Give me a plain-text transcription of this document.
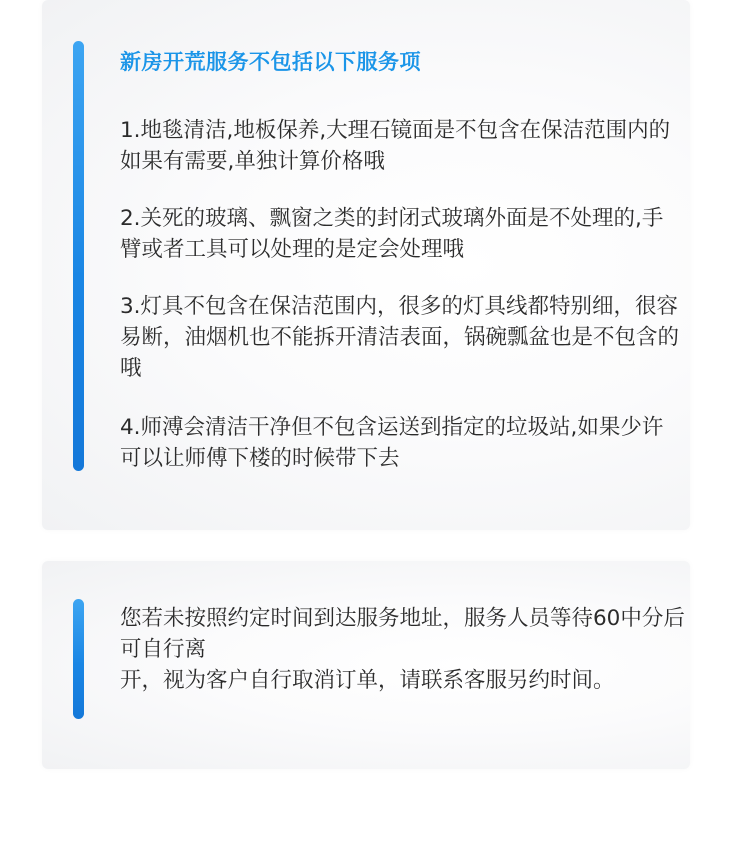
新房开荒服务不包括以下服务项

1.地毯清洁,地板保养,大理石镜面是不包含在保洁范围内的如果有需要,单独计算价格哦

2.关死的玻璃、飘窗之类的封闭式玻璃外面是不处理的,手臂或者工具可以处理的是定会处理哦

3.灯具不包含在保洁范围内，很多的灯具线都特别细，很容易断，油烟机也不能拆开清洁表面，锅碗瓢盆也是不包含的哦

4.师溥会清洁干净但不包含运送到指定的垃圾站,如果少许可以让师傅下楼的时候带下去

您若未按照约定时间到达服务地址，服务人员等待60中分后可自行离
开，视为客户自行取消订单，请联系客服另约时间。
